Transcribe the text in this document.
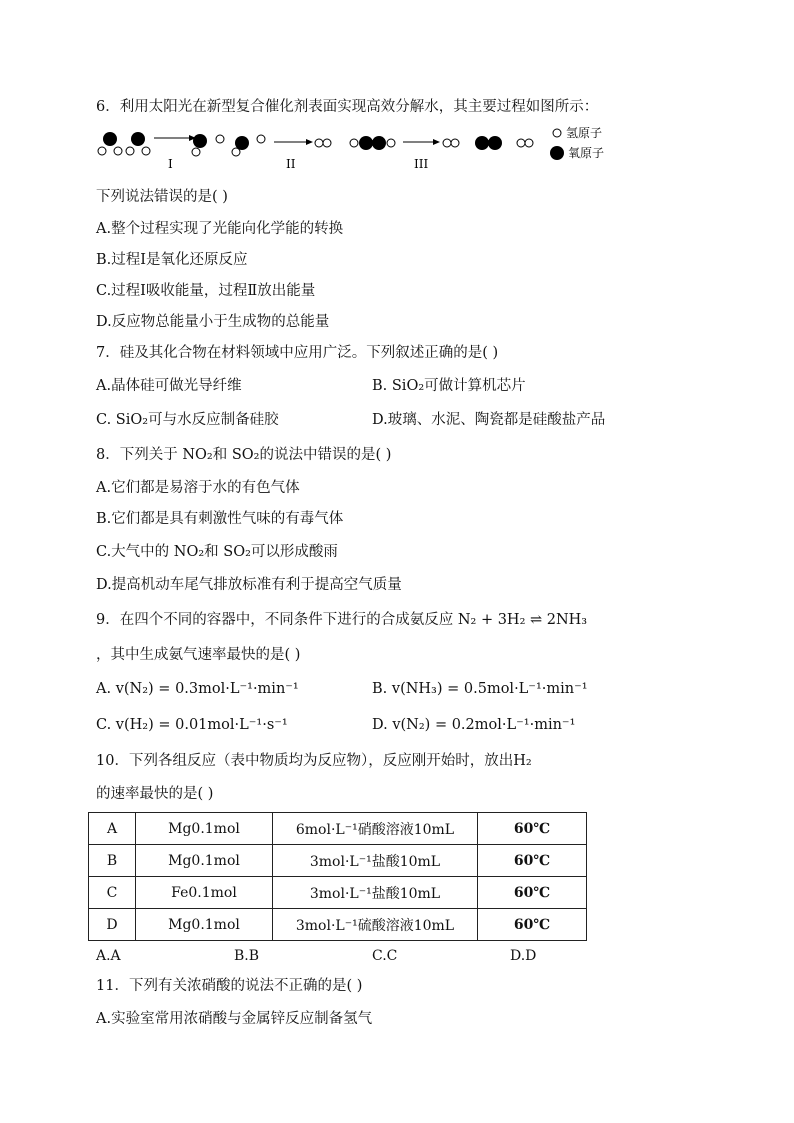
6．利用太阳光在新型复合催化剂表面实现高效分解水，其主要过程如图所示：
I	II	III
氢原子
氧原子
下列说法错误的是( )
A.整个过程实现了光能向化学能的转换
B.过程Ⅰ是氧化还原反应
C.过程Ⅰ吸收能量，过程Ⅱ放出能量
D.反应物总能量小于生成物的总能量
7．硅及其化合物在材料领域中应用广泛。下列叙述正确的是( )
A.晶体硅可做光导纤维	B. SiO₂可做计算机芯片
C. SiO₂可与水反应制备硅胶	D.玻璃、水泥、陶瓷都是硅酸盐产品
8．下列关于 NO₂和 SO₂的说法中错误的是( )
A.它们都是易溶于水的有色气体
B.它们都是具有刺激性气味的有毒气体
C.大气中的 NO₂和 SO₂可以形成酸雨
D.提高机动车尾气排放标准有利于提高空气质量
9．在四个不同的容器中，不同条件下进行的合成氨反应 N₂ + 3H₂ ⇌ 2NH₃
，其中生成氨气速率最快的是( )
A. v(N₂) = 0.3mol·L⁻¹·min⁻¹	B. v(NH₃) = 0.5mol·L⁻¹·min⁻¹
C. v(H₂) = 0.01mol·L⁻¹·s⁻¹	D. v(N₂) = 0.2mol·L⁻¹·min⁻¹
10．下列各组反应（表中物质均为反应物），反应刚开始时，放出H₂
的速率最快的是( )
A	Mg0.1mol	6mol·L⁻¹硝酸溶液10mL	60℃
B	Mg0.1mol	3mol·L⁻¹盐酸10mL	60℃
C	Fe0.1mol	3mol·L⁻¹盐酸10mL	60℃
D	Mg0.1mol	3mol·L⁻¹硫酸溶液10mL	60℃
A.A	B.B	C.C	D.D
11．下列有关浓硝酸的说法不正确的是( )
A.实验室常用浓硝酸与金属锌反应制备氢气
